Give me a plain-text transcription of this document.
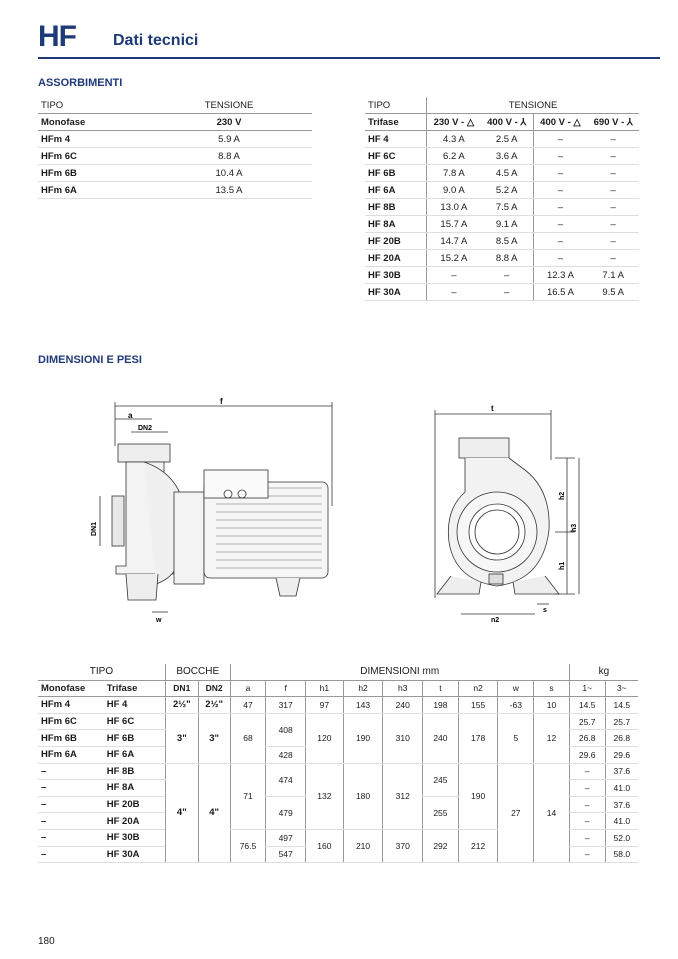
HF Dati tecnici
ASSORBIMENTI
TIPO	TENSIONE
Monofase	230 V
HFm 4	5.9 A
HFm 6C	8.8 A
HFm 6B	10.4 A
HFm 6A	13.5 A
TIPO	TENSIONE			
Trifase	230 V - △	400 V - ⅄	400 V - △	690 V - ⅄
HF 4	4.3 A	2.5 A	–	–
HF 6C	6.2 A	3.6 A	–	–
HF 6B	7.8 A	4.5 A	–	–
HF 6A	9.0 A	5.2 A	–	–
HF 8B	13.0 A	7.5 A	–	–
HF 8A	15.7 A	9.1 A	–	–
HF 20B	14.7 A	8.5 A	–	–
HF 20A	15.2 A	8.8 A	–	–
HF 30B	–	–	12.3 A	7.1 A
HF 30A	–	–	16.5 A	9.5 A
DIMENSIONI E PESI
f
a
DN2
DN1
w
t
h2
h1
h3
n2
s
TIPO		BOCCHE		DIMENSIONI mm									kg	
Monofase	Trifase	DN1	DN2	a	f	h1	h2	h3	t	n2	w	s	1~	3~
HFm 4	HF 4	2½"	2½"	47	317	97	143	240	198	155	-63	10	14.5	14.5
HFm 6C	HF 6C	3"	3"	68	408	120	190	310	240	178	5	12	25.7	25.7
HFm 6B	HF 6B												26.8	26.8
HFm 6A	HF 6A				428								29.6	29.6
–	HF 8B	4"	4"	71	474	132	180	312	245	190	27	14	–	37.6
–	HF 8A												–	41.0
–	HF 20B				479				255				–	37.6
–	HF 20A												–	41.0
–	HF 30B			76.5	497	160	210	370	292	212			–	52.0
–	HF 30A				547								–	58.0
180
